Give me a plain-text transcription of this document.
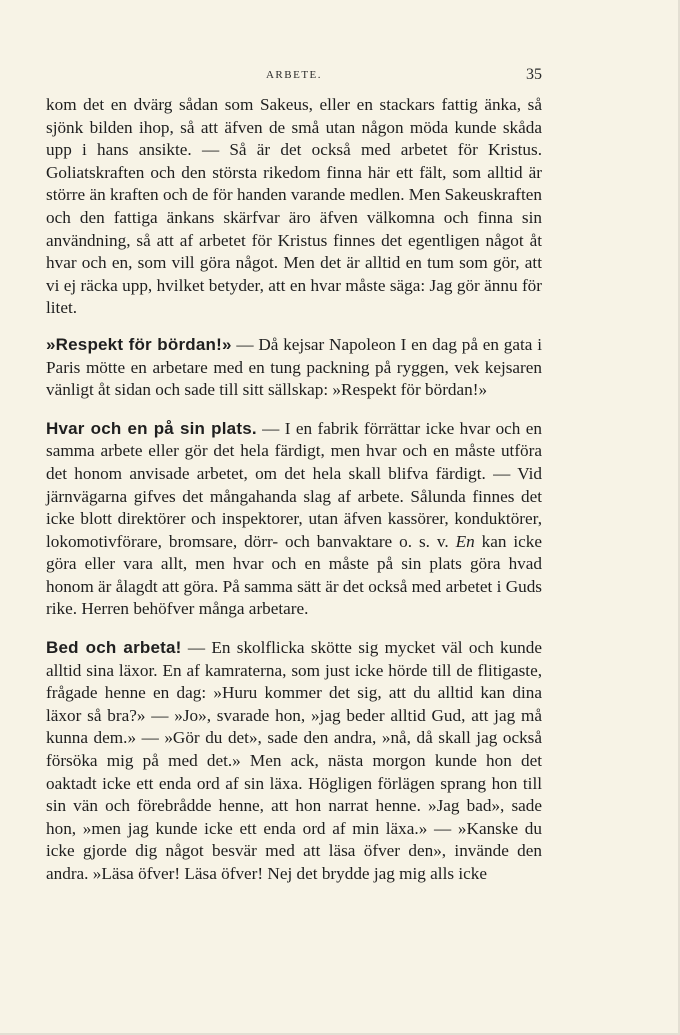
ARBETE.	35

kom det en dvärg sådan som Sakeus, eller en stackars fattig änka, så sjönk bilden ihop, så att äfven de små utan någon möda kunde skåda upp i hans ansikte. — Så är det också med arbetet för Kristus. Goliatskraften och den största rikedom finna här ett fält, som alltid är större än kraften och de för handen varande medlen. Men Sakeuskraften och den fattiga änkans skärfvar äro äfven välkomna och finna sin användning, så att af arbetet för Kristus finnes det egentligen något åt hvar och en, som vill göra något. Men det är alltid en tum som gör, att vi ej räcka upp, hvilket betyder, att en hvar måste säga: Jag gör ännu för litet.

»Respekt för bördan!» — Då kejsar Napoleon I en dag på en gata i Paris mötte en arbetare med en tung packning på ryggen, vek kejsaren vänligt åt sidan och sade till sitt sällskap: »Respekt för bördan!»

Hvar och en på sin plats. — I en fabrik förrättar icke hvar och en samma arbete eller gör det hela färdigt, men hvar och en måste utföra det honom anvisade arbetet, om det hela skall blifva färdigt. — Vid järnvägarna gifves det mångahanda slag af arbete. Sålunda finnes det icke blott direktörer och inspektorer, utan äfven kassörer, konduktörer, lokomotivförare, bromsare, dörr- och banvaktare o. s. v. En kan icke göra eller vara allt, men hvar och en måste på sin plats göra hvad honom är ålagdt att göra. På samma sätt är det också med arbetet i Guds rike. Herren behöfver många arbetare.

Bed och arbeta! — En skolflicka skötte sig mycket väl och kunde alltid sina läxor. En af kamraterna, som just icke hörde till de flitigaste, frågade henne en dag: »Huru kommer det sig, att du alltid kan dina läxor så bra?» — »Jo», svarade hon, »jag beder alltid Gud, att jag må kunna dem.» — »Gör du det», sade den andra, »nå, då skall jag också försöka mig på med det.» Men ack, nästa morgon kunde hon det oaktadt icke ett enda ord af sin läxa. Högligen förlägen sprang hon till sin vän och förebrådde henne, att hon narrat henne. »Jag bad», sade hon, »men jag kunde icke ett enda ord af min läxa.» — »Kanske du icke gjorde dig något besvär med att läsa öfver den», invände den andra. »Läsa öfver! Läsa öfver! Nej det brydde jag mig alls icke
